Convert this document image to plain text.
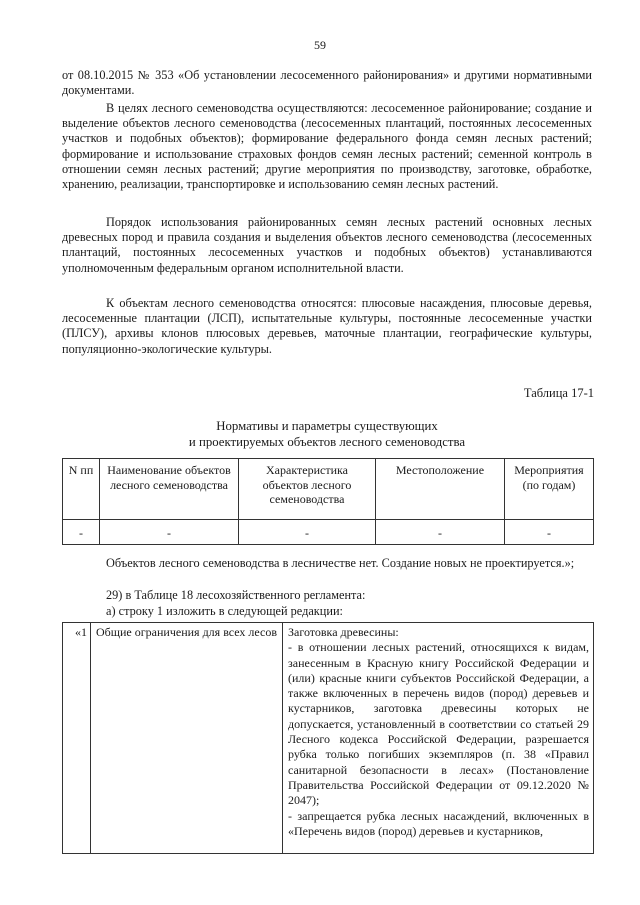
59

от 08.10.2015 № 353 «Об установлении лесосеменного районирования» и другими нормативными документами.

В целях лесного семеноводства осуществляются: лесосеменное районирование; создание и выделение объектов лесного семеноводства (лесосеменных плантаций, постоянных лесосеменных участков и подобных объектов); формирование федерального фонда семян лесных растений; формирование и использование страховых фондов семян лесных растений; семенной контроль в отношении семян лесных растений; другие мероприятия по производству, заготовке, обработке, хранению, реализации, транспортировке и использованию семян лесных растений.

Порядок использования районированных семян лесных растений основных лесных древесных пород и правила создания и выделения объектов лесного семеноводства (лесосеменных плантаций, постоянных лесосеменных участков и подобных объектов) устанавливаются уполномоченным федеральным органом исполнительной власти.

К объектам лесного семеноводства относятся: плюсовые насаждения, плюсовые деревья, лесосеменные плантации (ЛСП), испытательные культуры, постоянные лесосеменные участки (ПЛСУ), архивы клонов плюсовых деревьев, маточные плантации, географические культуры, популяционно-экологические культуры.

Таблица 17-1
Нормативы и параметры существующих
и проектируемых объектов лесного семеноводства
N пп	Наименование объектов лесного семеноводства	Характеристика объектов лесного семеноводства	Местоположение	Мероприятия (по годам)
-	-	-	-	-

Объектов лесного семеноводства в лесничестве нет. Создание новых не проектируется.»;

29) в Таблице 18 лесохозяйственного регламента:

а) строку 1 изложить в следующей редакции:

«1	Общие ограничения для всех лесов	Заготовка древесины:

- в отношении лесных растений, относящихся к видам, занесенным в Красную книгу Российской Федерации и (или) красные книги субъектов Российской Федерации, а также включенных в перечень видов (пород) деревьев и кустарников, заготовка древесины которых не допускается, установленный в соответствии со статьей 29 Лесного кодекса Российской Федерации, разрешается рубка только погибших экземпляров (п. 38 «Правил санитарной безопасности в лесах» (Постановление Правительства Российской Федерации от 09.12.2020 № 2047);

- запрещается рубка лесных насаждений, включенных в «Перечень видов (пород) деревьев и кустарников,
